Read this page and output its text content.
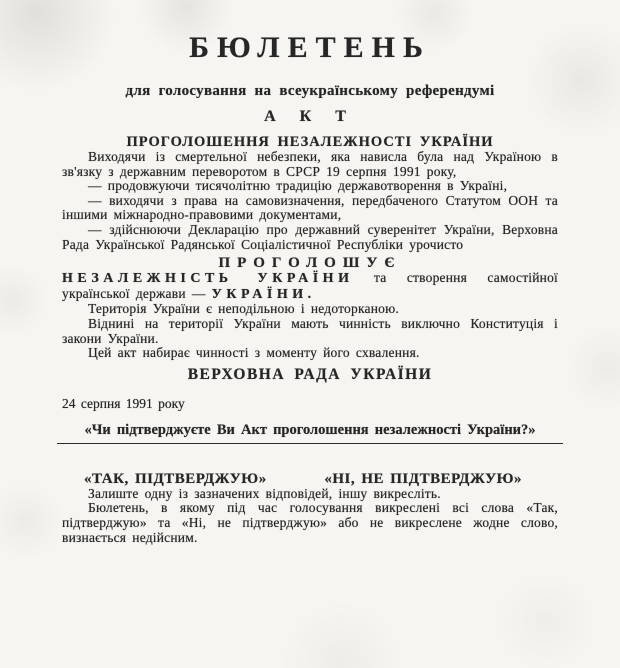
БЮЛЕТЕНЬ
для голосування на всеукраїнському референдумі
А К Т
ПРОГОЛОШЕННЯ НЕЗАЛЕЖНОСТІ УКРАЇНИ

Виходячи із смертельної небезпеки, яка нависла була над Україною в зв'язку з державним переворотом в СРСР 19 серпня 1991 року,

— продовжуючи тисячолітню традицію державотворення в Україні,

— виходячи з права на самовизначення, передбаченого Статутом ООН та іншими міжнародно-правовими документами,

— здійснюючи Декларацію про державний суверенітет України, Верховна Рада Української Радянської Соціалістичної Республіки урочисто

ПРОГОЛОШУЄ

НЕЗАЛЕЖНІСТЬ УКРАЇНИ та створення самостійної української держави — УКРАЇНИ.

Територія України є неподільною і недоторканою.

Віднині на території України мають чинність виключно Конституція і закони України.

Цей акт набирає чинності з моменту його схвалення.

ВЕРХОВНА РАДА УКРАЇНИ
24 серпня 1991 року
«Чи підтверджуєте Ви Акт проголошення незалежності України?»
«ТАК, ПІДТВЕРДЖУЮ»	«НІ, НЕ ПІДТВЕРДЖУЮ»

Залиште одну із зазначених відповідей, іншу викресліть.

Бюлетень, в якому під час голосування викреслені всі слова «Так, підтверджую» та «Ні, не підтверджую» або не викреслене жодне слово, визнається недійсним.
